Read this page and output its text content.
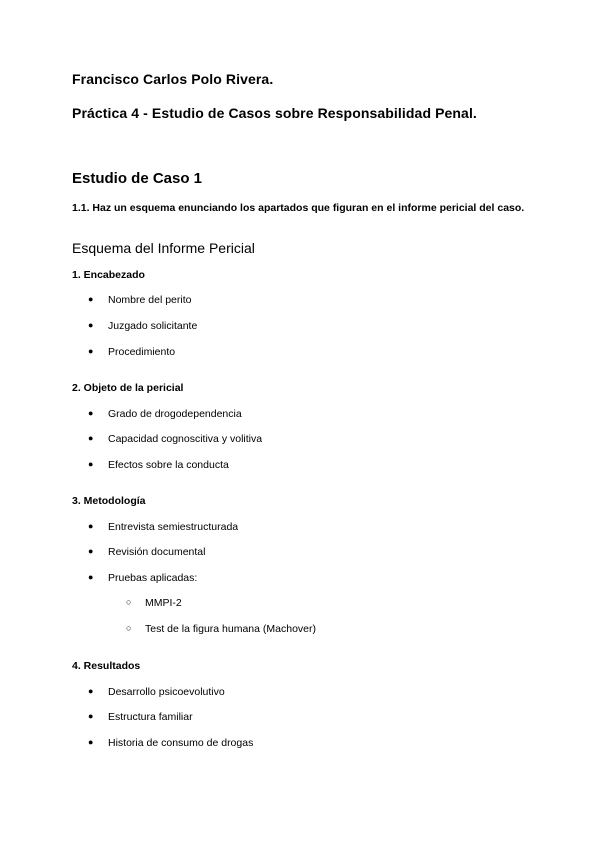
Francisco Carlos Polo Rivera.
Práctica 4 - Estudio de Casos sobre Responsabilidad Penal.
Estudio de Caso 1
1.1. Haz un esquema enunciando los apartados que figuran en el informe pericial del caso.
Esquema del Informe Pericial
1. Encabezado
● Nombre del perito
● Juzgado solicitante
● Procedimiento
2. Objeto de la pericial
● Grado de drogodependencia
● Capacidad cognoscitiva y volitiva
● Efectos sobre la conducta
3. Metodología
● Entrevista semiestructurada
● Revisión documental
● Pruebas aplicadas:
○ MMPI-2
○ Test de la figura humana (Machover)
4. Resultados
● Desarrollo psicoevolutivo
● Estructura familiar
● Historia de consumo de drogas
